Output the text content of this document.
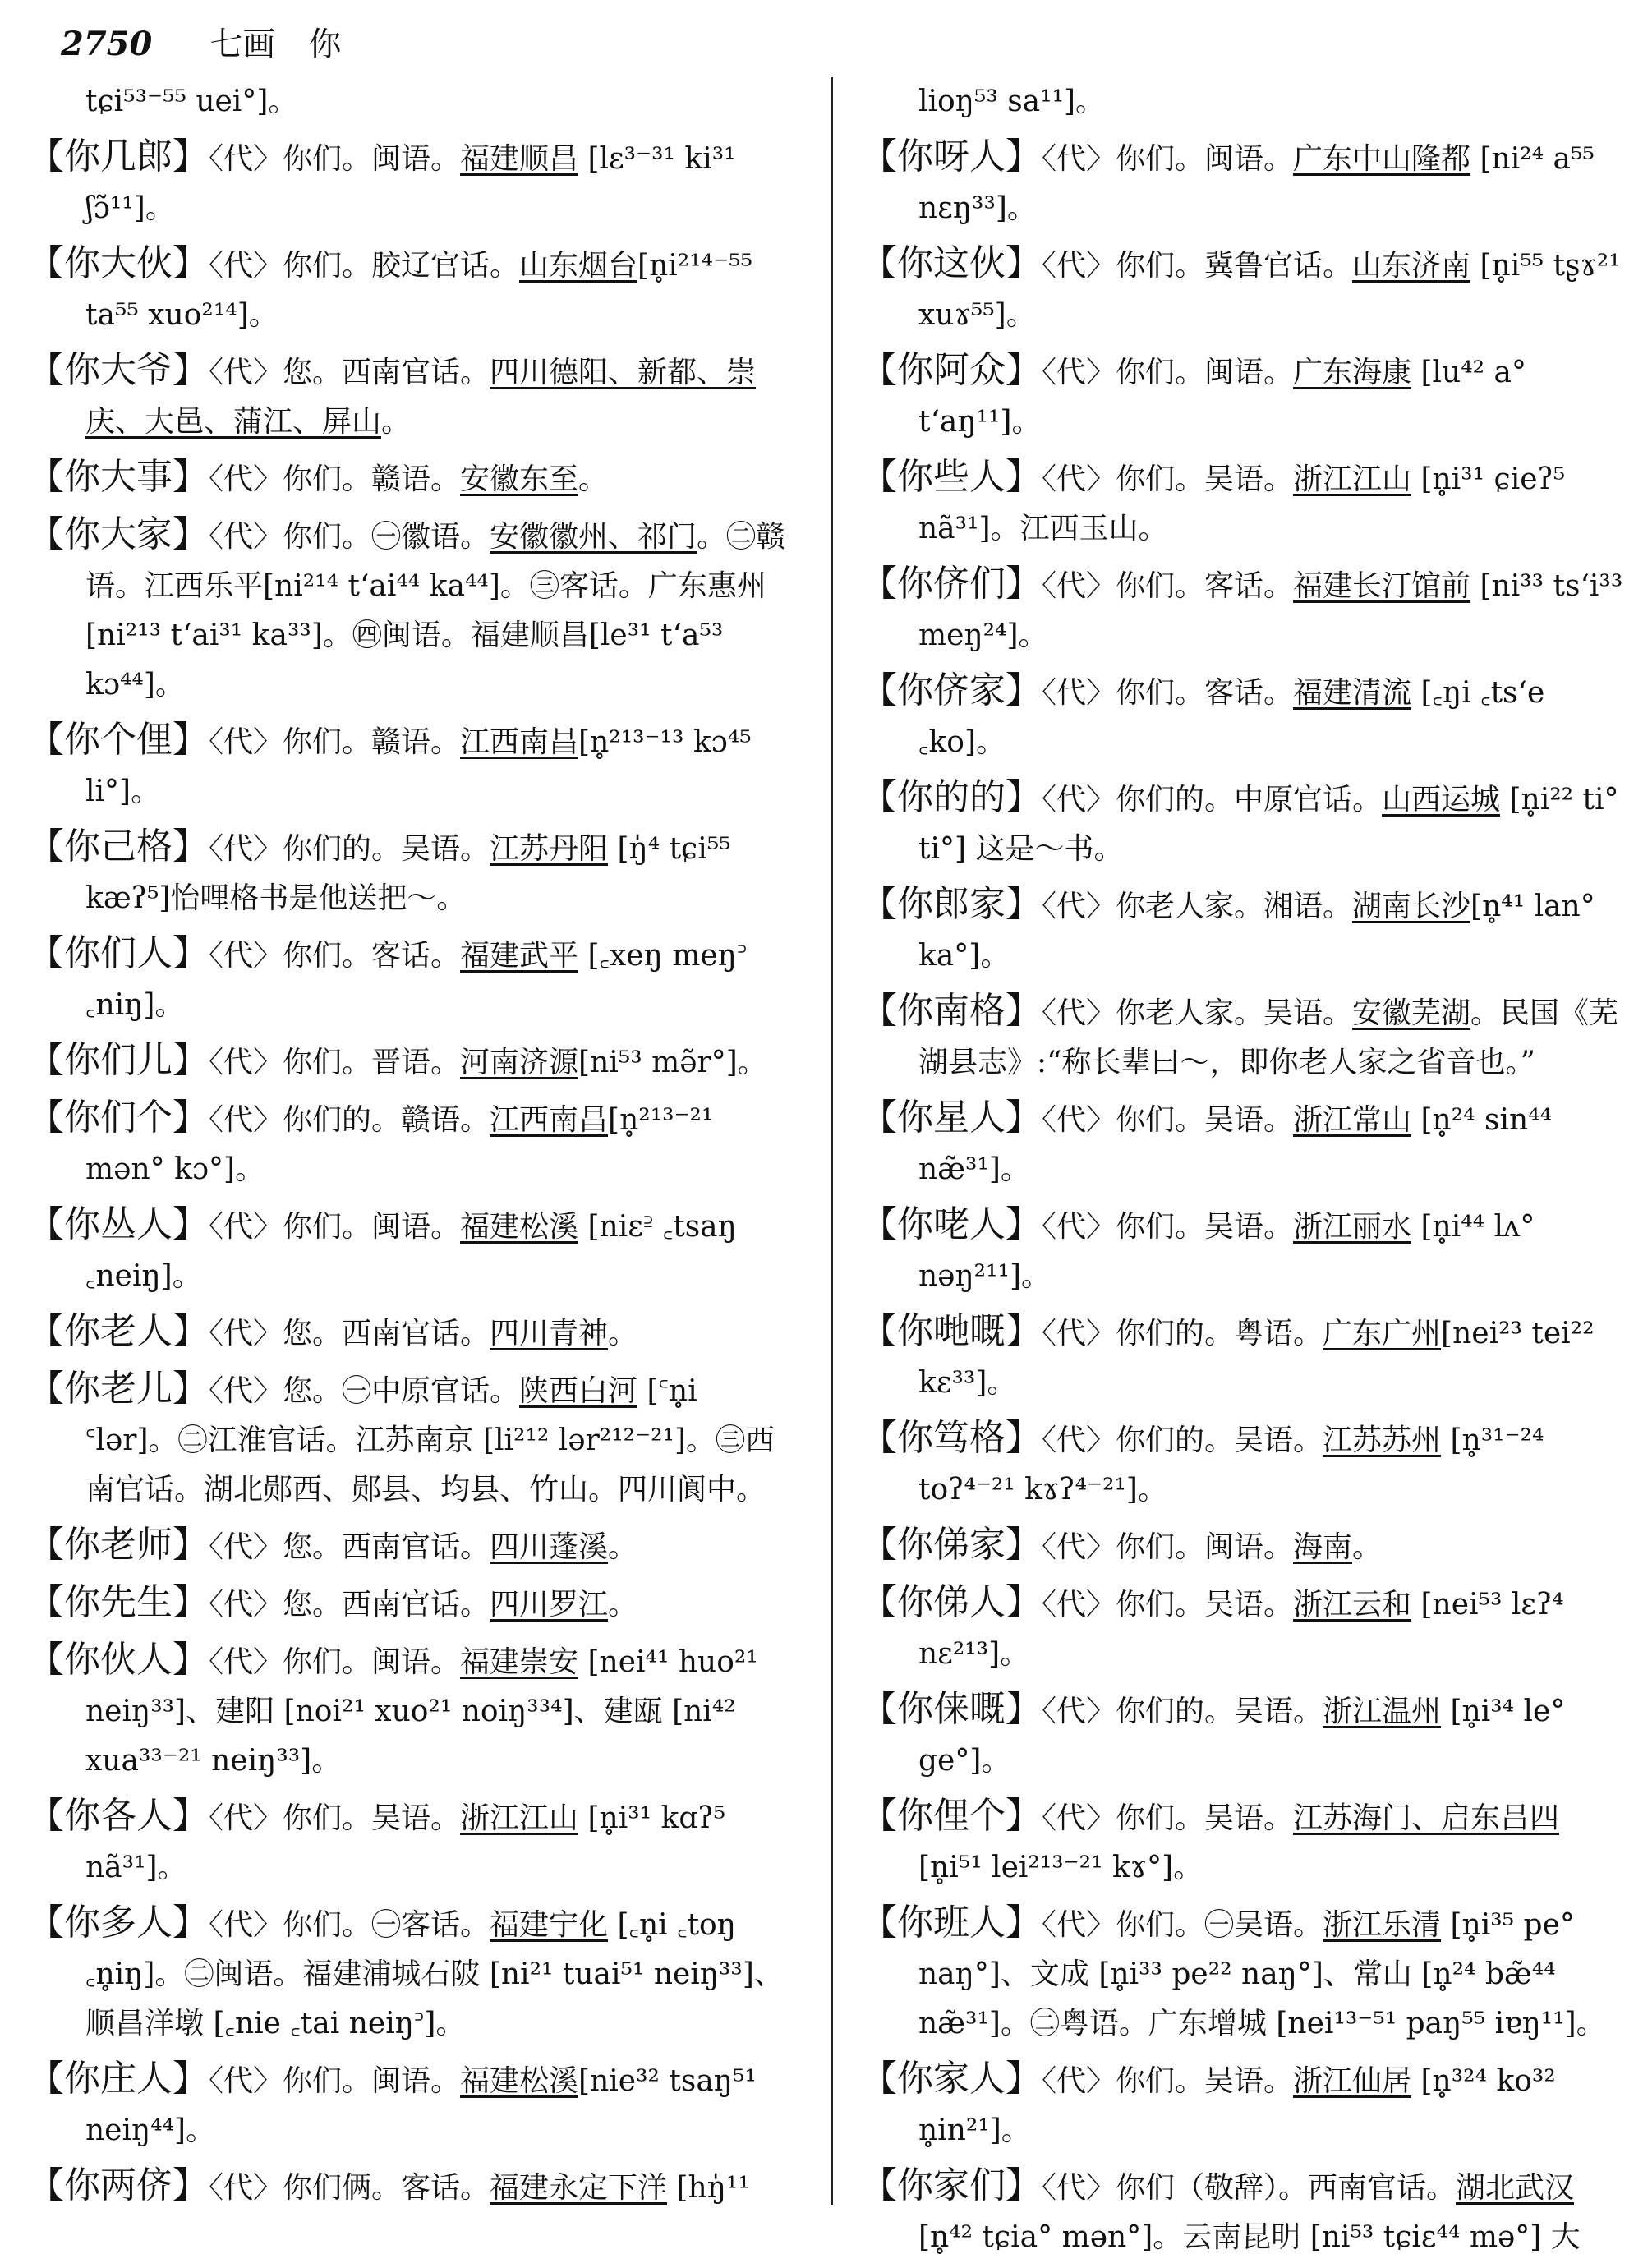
2750 七画  你
tɕi⁵³⁻⁵⁵ uei°]。
【你几郎】〈代〉你们。闽语。福建顺昌 [lɛ³⁻³¹ ki³¹ ʃɔ̃¹¹]。
【你大伙】〈代〉你们。胶辽官话。山东烟台[n̥i²¹⁴⁻⁵⁵ ta⁵⁵ xuo²¹⁴]。
【你大爷】〈代〉您。西南官话。四川德阳、新都、崇庆、大邑、蒲江、屏山。
【你大事】〈代〉你们。赣语。安徽东至。
【你大家】〈代〉你们。㊀徽语。安徽徽州、祁门。㊁赣语。江西乐平[ni²¹⁴ tʻai⁴⁴ ka⁴⁴]。㊂客话。广东惠州[ni²¹³ tʻai³¹ ka³³]。㊃闽语。福建顺昌[le³¹ tʻa⁵³ kɔ⁴⁴]。
【你个俚】〈代〉你们。赣语。江西南昌[n̥²¹³⁻¹³ kɔ⁴⁵ li°]。
【你己格】〈代〉你们的。吴语。江苏丹阳 [ŋ̍⁴ tɕi⁵⁵ kæʔ⁵]怡哩格书是他送把～。
【你们人】〈代〉你们。客话。福建武平 [꜀xeŋ meŋ꜄ ꜀niŋ]。
【你们儿】〈代〉你们。晋语。河南济源[ni⁵³ mə̃r°]。
【你们个】〈代〉你们的。赣语。江西南昌[n̥²¹³⁻²¹ mən° kɔ°]。
【你丛人】〈代〉你们。闽语。福建松溪 [niɛ꜅ ꜀tsaŋ ꜀neiŋ]。
【你老人】〈代〉您。西南官话。四川青神。
【你老儿】〈代〉您。㊀中原官话。陕西白河 [꜂n̥i ꜂lər]。㊁江淮官话。江苏南京 [li²¹² lər²¹²⁻²¹]。㊂西南官话。湖北郧西、郧县、均县、竹山。四川阆中。
【你老师】〈代〉您。西南官话。四川蓬溪。
【你先生】〈代〉您。西南官话。四川罗江。
【你伙人】〈代〉你们。闽语。福建崇安 [nei⁴¹ huo²¹ neiŋ³³]、建阳 [noi²¹ xuo²¹ noiŋ³³⁴]、建瓯 [ni⁴² xua³³⁻²¹ neiŋ³³]。
【你各人】〈代〉你们。吴语。浙江江山 [n̥i³¹ kɑʔ⁵ nã³¹]。
【你多人】〈代〉你们。㊀客话。福建宁化 [꜀n̥i ꜀toŋ ꜀n̥iŋ]。㊁闽语。福建浦城石陂 [ni²¹ tuai⁵¹ neiŋ³³]、顺昌洋墩 [꜀nie ꜀tai neiŋ꜄]。
【你庄人】〈代〉你们。闽语。福建松溪[nie³² tsaŋ⁵¹ neiŋ⁴⁴]。
【你两侪】〈代〉你们俩。客话。福建永定下洋 [hŋ̍¹¹
lioŋ⁵³ sa¹¹]。
【你呀人】〈代〉你们。闽语。广东中山隆都 [ni²⁴ a⁵⁵ nɛŋ³³]。
【你这伙】〈代〉你们。冀鲁官话。山东济南 [n̥i⁵⁵ tʂɤ²¹ xuɤ⁵⁵]。
【你阿众】〈代〉你们。闽语。广东海康 [lu⁴² a° tʻaŋ¹¹]。
【你些人】〈代〉你们。吴语。浙江江山 [n̥i³¹ ɕieʔ⁵ nã³¹]。江西玉山。
【你侪们】〈代〉你们。客话。福建长汀馆前 [ni³³ tsʻi³³ meŋ²⁴]。
【你侪家】〈代〉你们。客话。福建清流 [꜀ŋi ꜀tsʻe ꜀ko]。
【你的的】〈代〉你们的。中原官话。山西运城 [n̥i²² ti° ti°] 这是～书。
【你郎家】〈代〉你老人家。湘语。湖南长沙[n̥⁴¹ lan° ka°]。
【你南格】〈代〉你老人家。吴语。安徽芜湖。民国《芜湖县志》:“称长辈曰～，即你老人家之省音也。”
【你星人】〈代〉你们。吴语。浙江常山 [n̥²⁴ sin⁴⁴ næ̃³¹]。
【你咾人】〈代〉你们。吴语。浙江丽水 [n̥i⁴⁴ lʌ° nəŋ²¹¹]。
【你哋嘅】〈代〉你们的。粤语。广东广州[nei²³ tei²² kɛ³³]。
【你笃格】〈代〉你们的。吴语。江苏苏州 [n̥³¹⁻²⁴ toʔ⁴⁻²¹ kɤʔ⁴⁻²¹]。
【你俤家】〈代〉你们。闽语。海南。
【你俤人】〈代〉你们。吴语。浙江云和 [nei⁵³ lɛʔ⁴ nɛ²¹³]。
【你俫嘅】〈代〉你们的。吴语。浙江温州 [n̥i³⁴ le° ge°]。
【你俚个】〈代〉你们。吴语。江苏海门、启东吕四 [n̥i⁵¹ lei²¹³⁻²¹ kɤ°]。
【你班人】〈代〉你们。㊀吴语。浙江乐清 [n̥i³⁵ pe° naŋ°]、文成 [n̥i³³ pe²² naŋ°]、常山 [n̥²⁴ bæ̃⁴⁴ næ̃³¹]。㊁粤语。广东增城 [nei¹³⁻⁵¹ paŋ⁵⁵ iɐŋ¹¹]。
【你家人】〈代〉你们。吴语。浙江仙居 [n̥³²⁴ ko³² n̥in²¹]。
【你家们】〈代〉你们（敬辞）。西南官话。湖北武汉 [n̥⁴² tɕia° mən°]。云南昆明 [ni⁵³ tɕiɛ⁴⁴ mə°] 大
